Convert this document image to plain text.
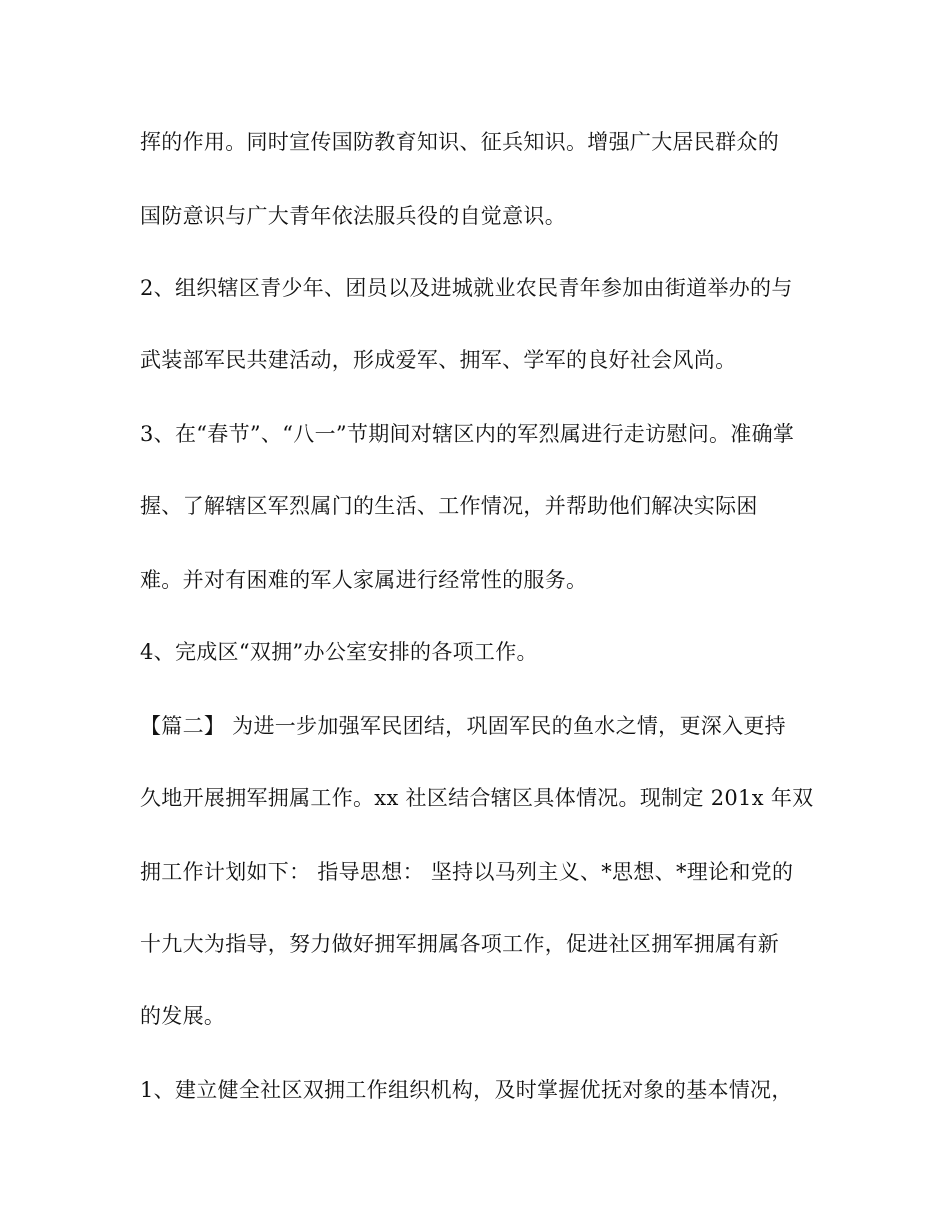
挥的作用。同时宣传国防教育知识、征兵知识。增强广大居民群众的

国防意识与广大青年依法服兵役的自觉意识。

2、组织辖区青少年、团员以及进城就业农民青年参加由街道举办的与

武装部军民共建活动，形成爱军、拥军、学军的良好社会风尚。

3、在“春节”、“八一”节期间对辖区内的军烈属进行走访慰问。准确掌

握、了解辖区军烈属门的生活、工作情况，并帮助他们解决实际困

难。并对有困难的军人家属进行经常性的服务。

4、完成区“双拥”办公室安排的各项工作。

【篇二】 为进一步加强军民团结，巩固军民的鱼水之情，更深入更持

久地开展拥军拥属工作。xx 社区结合辖区具体情况。现制定 201x 年双

拥工作计划如下： 指导思想： 坚持以马列主义、*思想、*理论和党的

十九大为指导，努力做好拥军拥属各项工作，促进社区拥军拥属有新

的发展。

1、建立健全社区双拥工作组织机构，及时掌握优抚对象的基本情况，
